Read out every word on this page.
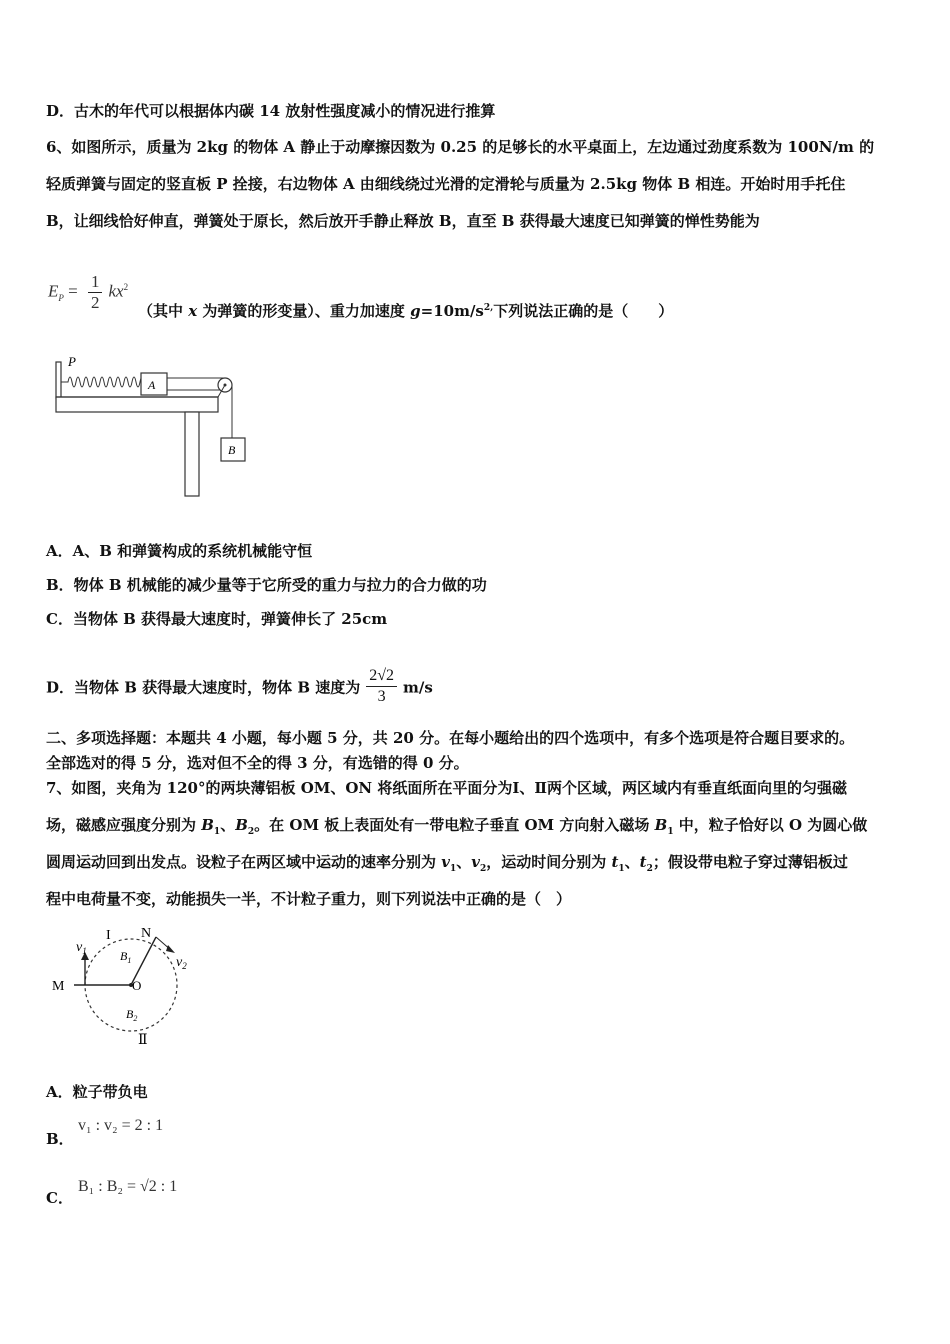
D．古木的年代可以根据体内碳 14 放射性强度减小的情况进行推算
6、如图所示，质量为 2kg 的物体 A 静止于动摩擦因数为 0.25 的足够长的水平桌面上，左边通过劲度系数为 100N/m 的
轻质弹簧与固定的竖直板 P 拴接，右边物体 A 由细线绕过光滑的定滑轮与质量为 2.5kg 物体 B 相连。开始时用手托住
B，让细线恰好伸直，弹簧处于原长，然后放开手静止释放 B，直至 B 获得最大速度已知弹簧的惮性势能为
$E_P = \frac{1}{2} kx^2$
（其中 x 为弹簧的形变量）、重力加速度 $g=10m/s^{2,}$下列说法正确的是（　　）
P
A
B
A．A、B 和弹簧构成的系统机械能守恒
B．物体 B 机械能的减少量等于它所受的重力与拉力的合力做的功
C．当物体 B 获得最大速度时，弹簧伸长了 25cm
D．当物体 B 获得最大速度时，物体 B 速度为 $\frac{2√2}{3} m/s$
二、多项选择题：本题共 4 小题，每小题 5 分，共 20 分。在每小题给出的四个选项中，有多个选项是符合题目要求的。
全部选对的得 5 分，选对但不全的得 3 分，有选错的得 0 分。
7、如图，夹角为 120°的两块薄铝板 OM、ON 将纸面所在平面分为Ⅰ、Ⅱ两个区域，两区域内有垂直纸面向里的匀强磁
场，磁感应强度分别为 $B_1$、$B_2$。在 OM 板上表面处有一带电粒子垂直 OM 方向射入磁场 $B_1$ 中，粒子恰好以 O 为圆心做
圆周运动回到出发点。设粒子在两区域中运动的速率分别为 $v_1$、$v_2$，运动时间分别为 $t_1$、$t_2$；假设带电粒子穿过薄铝板过
程中电荷量不变，动能损失一半，不计粒子重力，则下列说法中正确的是（　）
$v_1$
I N
$v_2$
$B_1$
M	O
$B_2$
Ⅱ
A．粒子带负电
B．
v₁ : v₂ = 2 : 1
C．
B₁ : B₂ = √2 : 1
